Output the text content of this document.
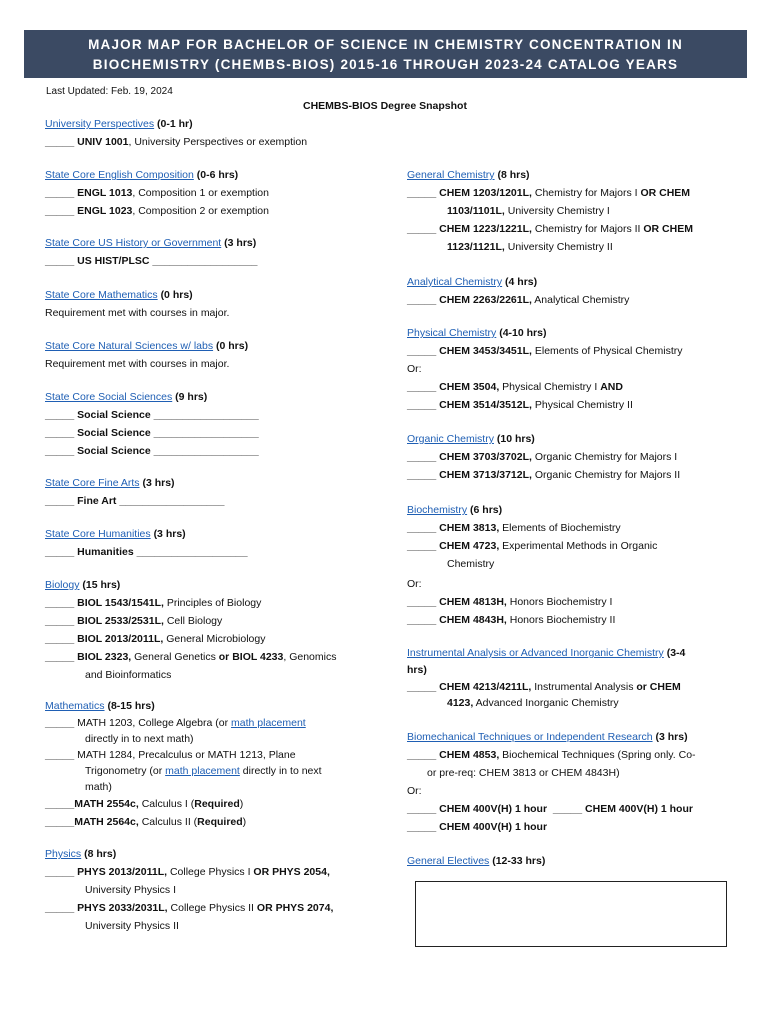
MAJOR MAP FOR BACHELOR OF SCIENCE IN CHEMISTRY CONCENTRATION IN
BIOCHEMISTRY (CHEMBS-BIOS) 2015-16 THROUGH 2023-24 CATALOG YEARS
Last Updated: Feb. 19, 2024
CHEMBS-BIOS Degree Snapshot
University Perspectives (0-1 hr)
_____ UNIV 1001, University Perspectives or exemption
State Core English Composition (0-6 hrs)
_____ ENGL 1013, Composition 1 or exemption
_____ ENGL 1023, Composition 2 or exemption
State Core US History or Government (3 hrs)
_____ US HIST/PLSC __________________
State Core Mathematics (0 hrs)
Requirement met with courses in major.
State Core Natural Sciences w/ labs (0 hrs)
Requirement met with courses in major.
State Core Social Sciences (9 hrs)
_____ Social Science __________________
_____ Social Science __________________
_____ Social Science __________________
State Core Fine Arts (3 hrs)
_____ Fine Art __________________
State Core Humanities (3 hrs)
_____ Humanities ___________________
Biology (15 hrs)
_____ BIOL 1543/1541L, Principles of Biology
_____ BIOL 2533/2531L, Cell Biology
_____ BIOL 2013/2011L, General Microbiology
_____ BIOL 2323, General Genetics or BIOL 4233, Genomics
and Bioinformatics
Mathematics (8-15 hrs)
_____ MATH 1203, College Algebra (or math placement
directly in to next math)
_____ MATH 1284, Precalculus or MATH 1213, Plane
Trigonometry (or math placement directly in to next
math)
_____MATH 2554c, Calculus I (Required)
_____MATH 2564c, Calculus II (Required)
Physics (8 hrs)
_____ PHYS 2013/2011L, College Physics I OR PHYS 2054,
University Physics I
_____ PHYS 2033/2031L, College Physics II OR PHYS 2074,
University Physics II
General Chemistry (8 hrs)
_____ CHEM 1203/1201L, Chemistry for Majors I OR CHEM
1103/1101L, University Chemistry I
_____ CHEM 1223/1221L, Chemistry for Majors II OR CHEM
1123/1121L, University Chemistry II
Analytical Chemistry (4 hrs)
_____ CHEM 2263/2261L, Analytical Chemistry
Physical Chemistry (4-10 hrs)
_____ CHEM 3453/3451L, Elements of Physical Chemistry
Or:
_____ CHEM 3504, Physical Chemistry I AND
_____ CHEM 3514/3512L, Physical Chemistry II
Organic Chemistry (10 hrs)
_____ CHEM 3703/3702L, Organic Chemistry for Majors I
_____ CHEM 3713/3712L, Organic Chemistry for Majors II
Biochemistry (6 hrs)
_____ CHEM 3813, Elements of Biochemistry
_____ CHEM 4723, Experimental Methods in Organic
Chemistry
Or:
_____ CHEM 4813H, Honors Biochemistry I
_____ CHEM 4843H, Honors Biochemistry II
Instrumental Analysis or Advanced Inorganic Chemistry (3-4
hrs)
_____ CHEM 4213/4211L, Instrumental Analysis or CHEM
4123, Advanced Inorganic Chemistry
Biomechanical Techniques or Independent Research (3 hrs)
_____ CHEM 4853, Biochemical Techniques (Spring only. Co-
or pre-req: CHEM 3813 or CHEM 4843H)
Or:
_____ CHEM 400V(H) 1 hour _____ CHEM 400V(H) 1 hour
_____ CHEM 400V(H) 1 hour
General Electives (12-33 hrs)
